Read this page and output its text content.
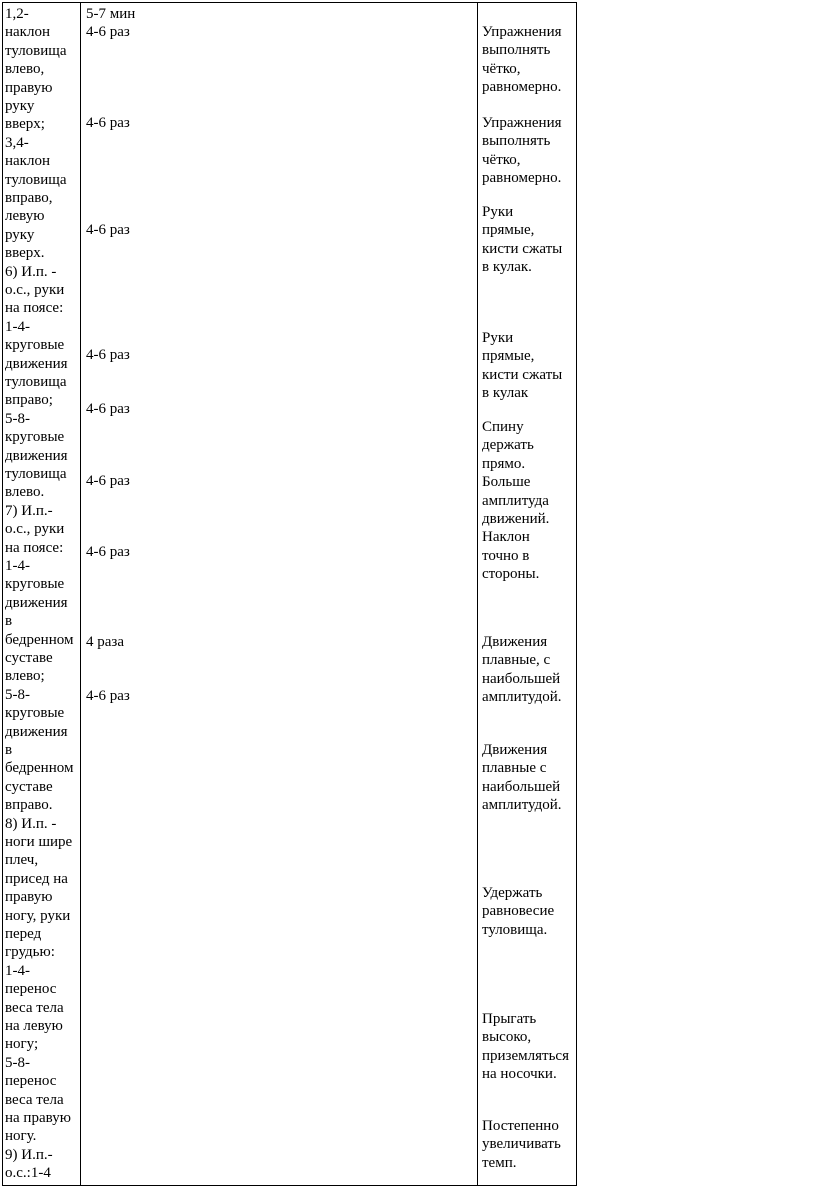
1,2-
наклон
туловища
влево,
правую
руку
вверх;
3,4-
наклон
туловища
вправо,
левую
руку
вверх.
6) И.п. -
о.с., руки
на поясе:
1-4-
круговые
движения
туловища
вправо;
5-8-
круговые
движения
туловища
влево.
7) И.п.-
о.с., руки
на поясе:
1-4-
круговые
движения
в
бедренном
суставе
влево;
5-8-
круговые
движения
в
бедренном
суставе
вправо.
8) И.п. -
ноги шире
плеч,
присед на
правую
ногу, руки
перед
грудью:
1-4-
перенос
веса тела
на левую
ногу;
5-8-
перенос
веса тела
на правую
ногу.
9) И.п.-
о.с.:1-4
5-7 мин
4-6 раз
4-6 раз
4-6 раз
4-6 раз
4-6 раз
4-6 раз
4-6 раз
4 раза
4-6 раз
Упражнения
выполнять
чётко,
равномерно.
Упражнения
выполнять
чётко,
равномерно.
Руки
прямые,
кисти сжаты
в кулак.
Руки
прямые,
кисти сжаты
в кулак
Спину
держать
прямо.
Больше
амплитуда
движений.
Наклон
точно в
стороны.
Движения
плавные, с
наибольшей
амплитудой.
Движения
плавные с
наибольшей
амплитудой.
Удержать
равновесие
туловища.
Прыгать
высоко,
приземляться
на носочки.
Постепенно
увеличивать
темп.
